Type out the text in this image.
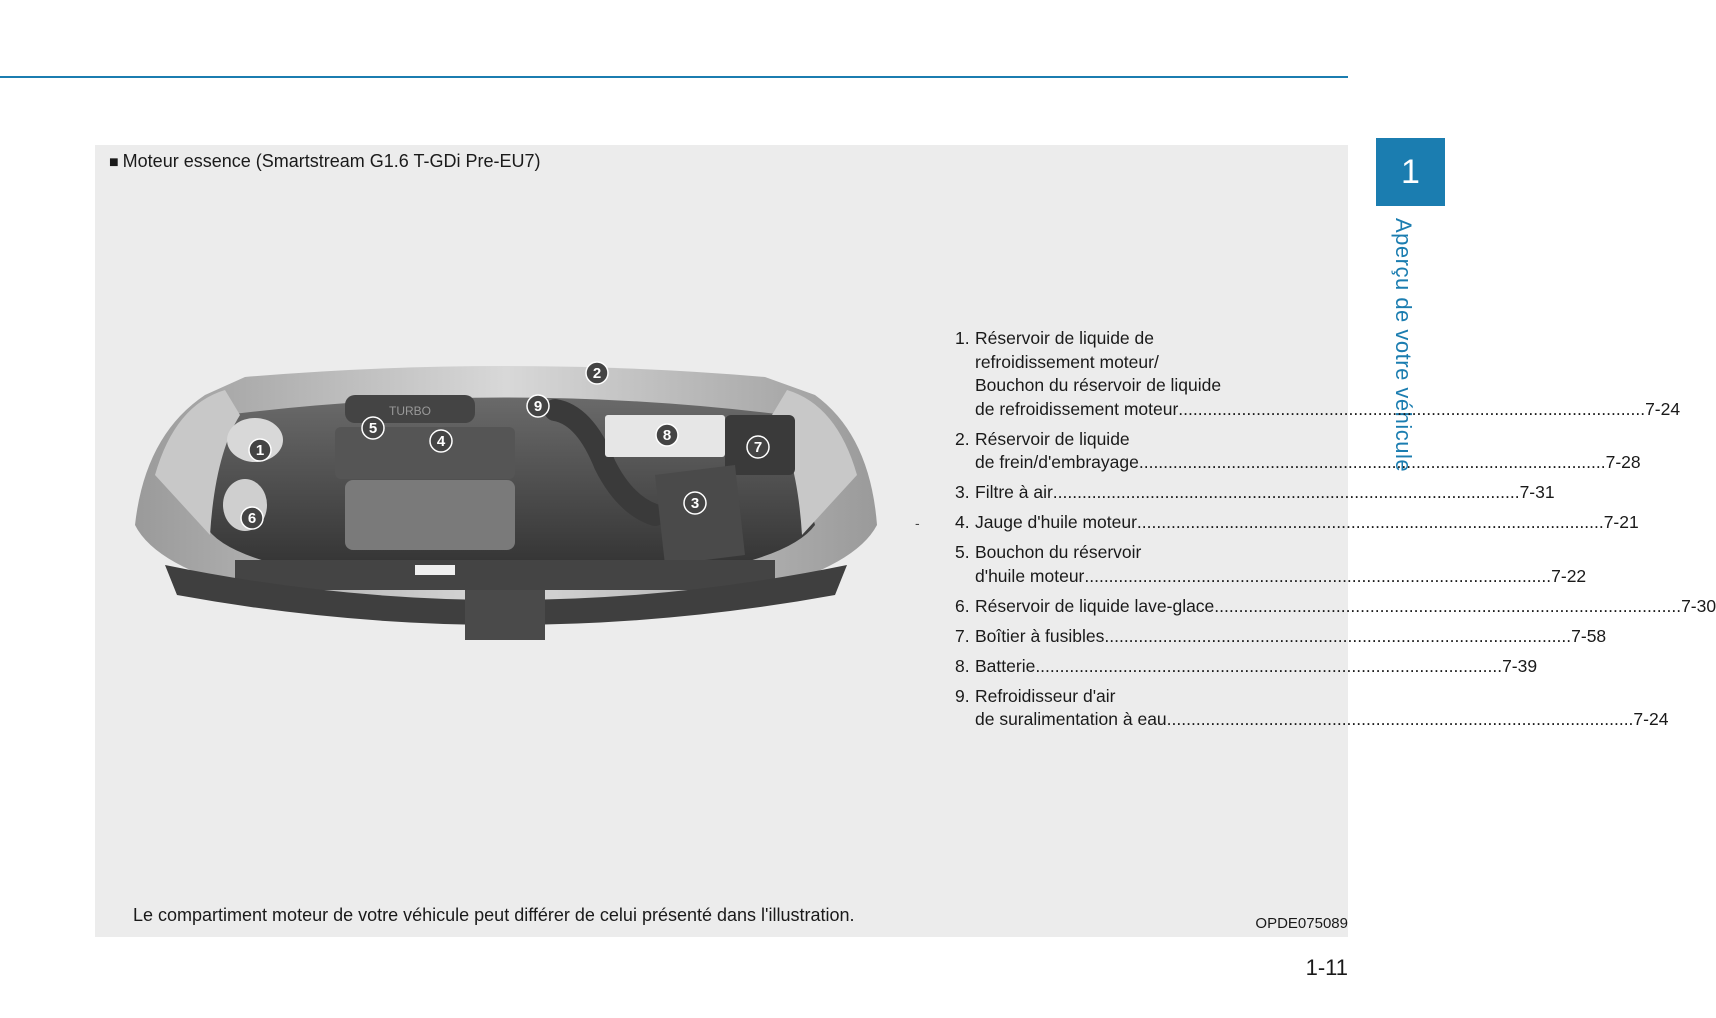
1
Aperçu de votre véhicule
■ Moteur essence (Smartstream G1.6 T-GDi Pre-EU7)
TURBO
1
2
3
4
5
6
7
8
9
-
1. Réservoir de liquide de
refroidissement moteur/
Bouchon du réservoir de liquide
de refroidissement moteur .....	7-24
2. Réservoir de liquide
de frein/d'embrayage .....	7-28
3. Filtre à air .....	7-31
4. Jauge d'huile moteur .....	7-21
5. Bouchon du réservoir
d'huile moteur .....	7-22
6. Réservoir de liquide lave-glace .....	7-30
7. Boîtier à fusibles .....	7-58
8. Batterie .....	7-39
9. Refroidisseur d'air
de suralimentation à eau .....	7-24
Le compartiment moteur de votre véhicule peut différer de celui présenté dans l'illustration.	OPDE075089
1-11
